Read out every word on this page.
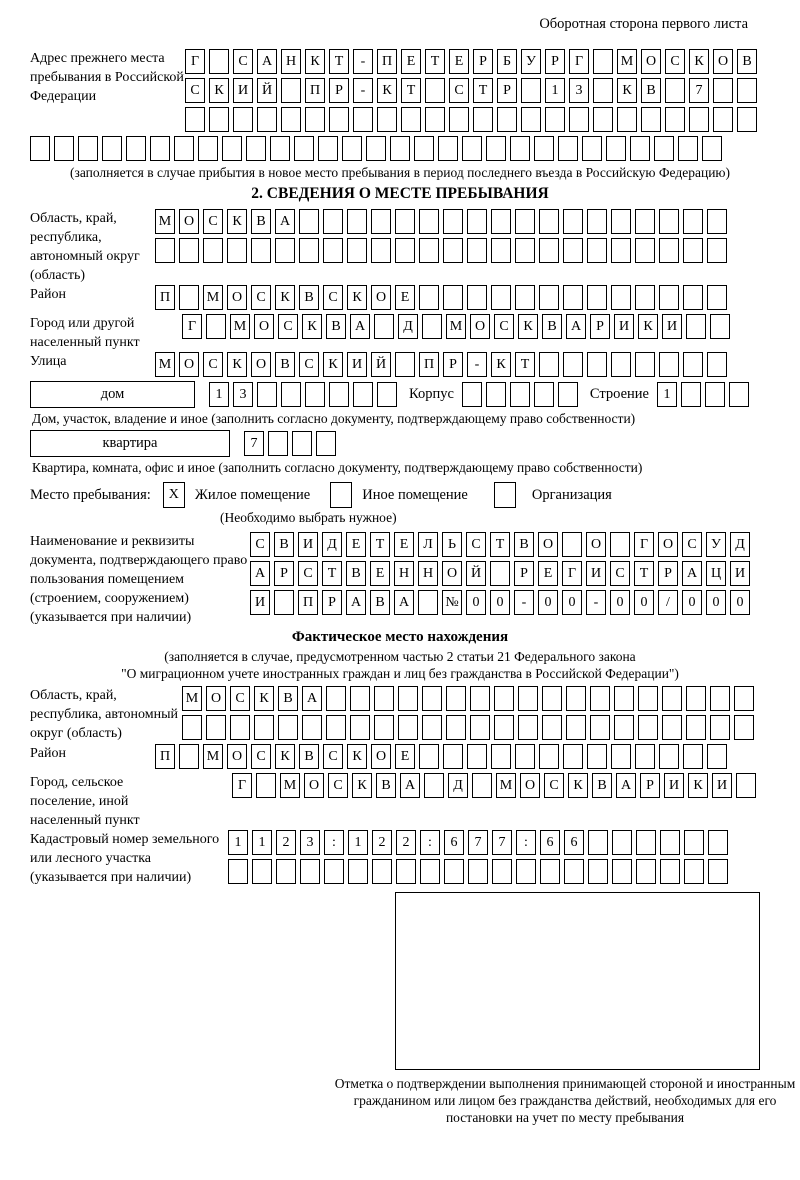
Оборотная сторона первого листа
Адрес прежнего места пребывания в Российской Федерации
Г	С	А Н	К	Т	-	П	Е	Т	Е	Р	Б	У	Р	Г	М О	С	К	О	В
С	К	И Й	П	Р	-	К	Т	С	Т	Р	1	3	К	В	7
(заполняется в случае прибытия в новое место пребывания в период последнего въезда в Российскую Федерацию)
2. СВЕДЕНИЯ О МЕСТЕ ПРЕБЫВАНИЯ
Область, край, республика, автономный округ (область)
М О	С	К	В	А
Район	П	М О	С	К	В	С	К	О	Е
Город или другой населенный пункт
Г	М О	С	К	В	А	Д	М О	С	К	В	А	Р	И	К	И
Улица	М О	С	К	О	В	С	К	И Й	П	Р	-	К	Т
дом	1	3	Корпус	Строение	1
Дом, участок, владение и иное (заполнить согласно документу, подтверждающему право собственности)
квартира	7
Квартира, комната, офис и иное (заполнить согласно документу, подтверждающему право собственности)
Место пребывания:	X	Жилое помещение	Иное помещение	Организация
(Необходимо выбрать нужное)
Наименование и реквизиты документа, подтверждающего право пользования помещением (строением, сооружением) (указывается при наличии)
С	В	И	Д	Е	Т	Е	Л	Ь	С	Т	В	О	О	Г	О	С	У	Д
А	Р	С	Т	В	Е	Н Н О Й	Р	Е	Г	И	С	Т	Р	А Ц И
И	П	Р	А	В	А	№ 0	0	-	0	0	-	0	0	/	0	0	0
Фактическое место нахождения
(заполняется в случае, предусмотренном частью 2 статьи 21 Федерального закона
"О миграционном учете иностранных граждан и лиц без гражданства в Российской Федерации")
Область, край, республика, автономный округ (область)
М О	С	К	В	А
Район	П	М О	С	К	В	С	К	О	Е
Город, сельское поселение, иной населенный пункт
Г	М О	С	К	В	А	Д	М О	С	К	В	А	Р	И	К	И
Кадастровый номер земельного или лесного участка (указывается при наличии)
1	1	2	3	:	1	2	2	:	6	7	7	:	6	6
Отметка о подтверждении выполнения принимающей стороной и иностранным гражданином или лицом без гражданства действий, необходимых для его постановки на учет по месту пребывания
